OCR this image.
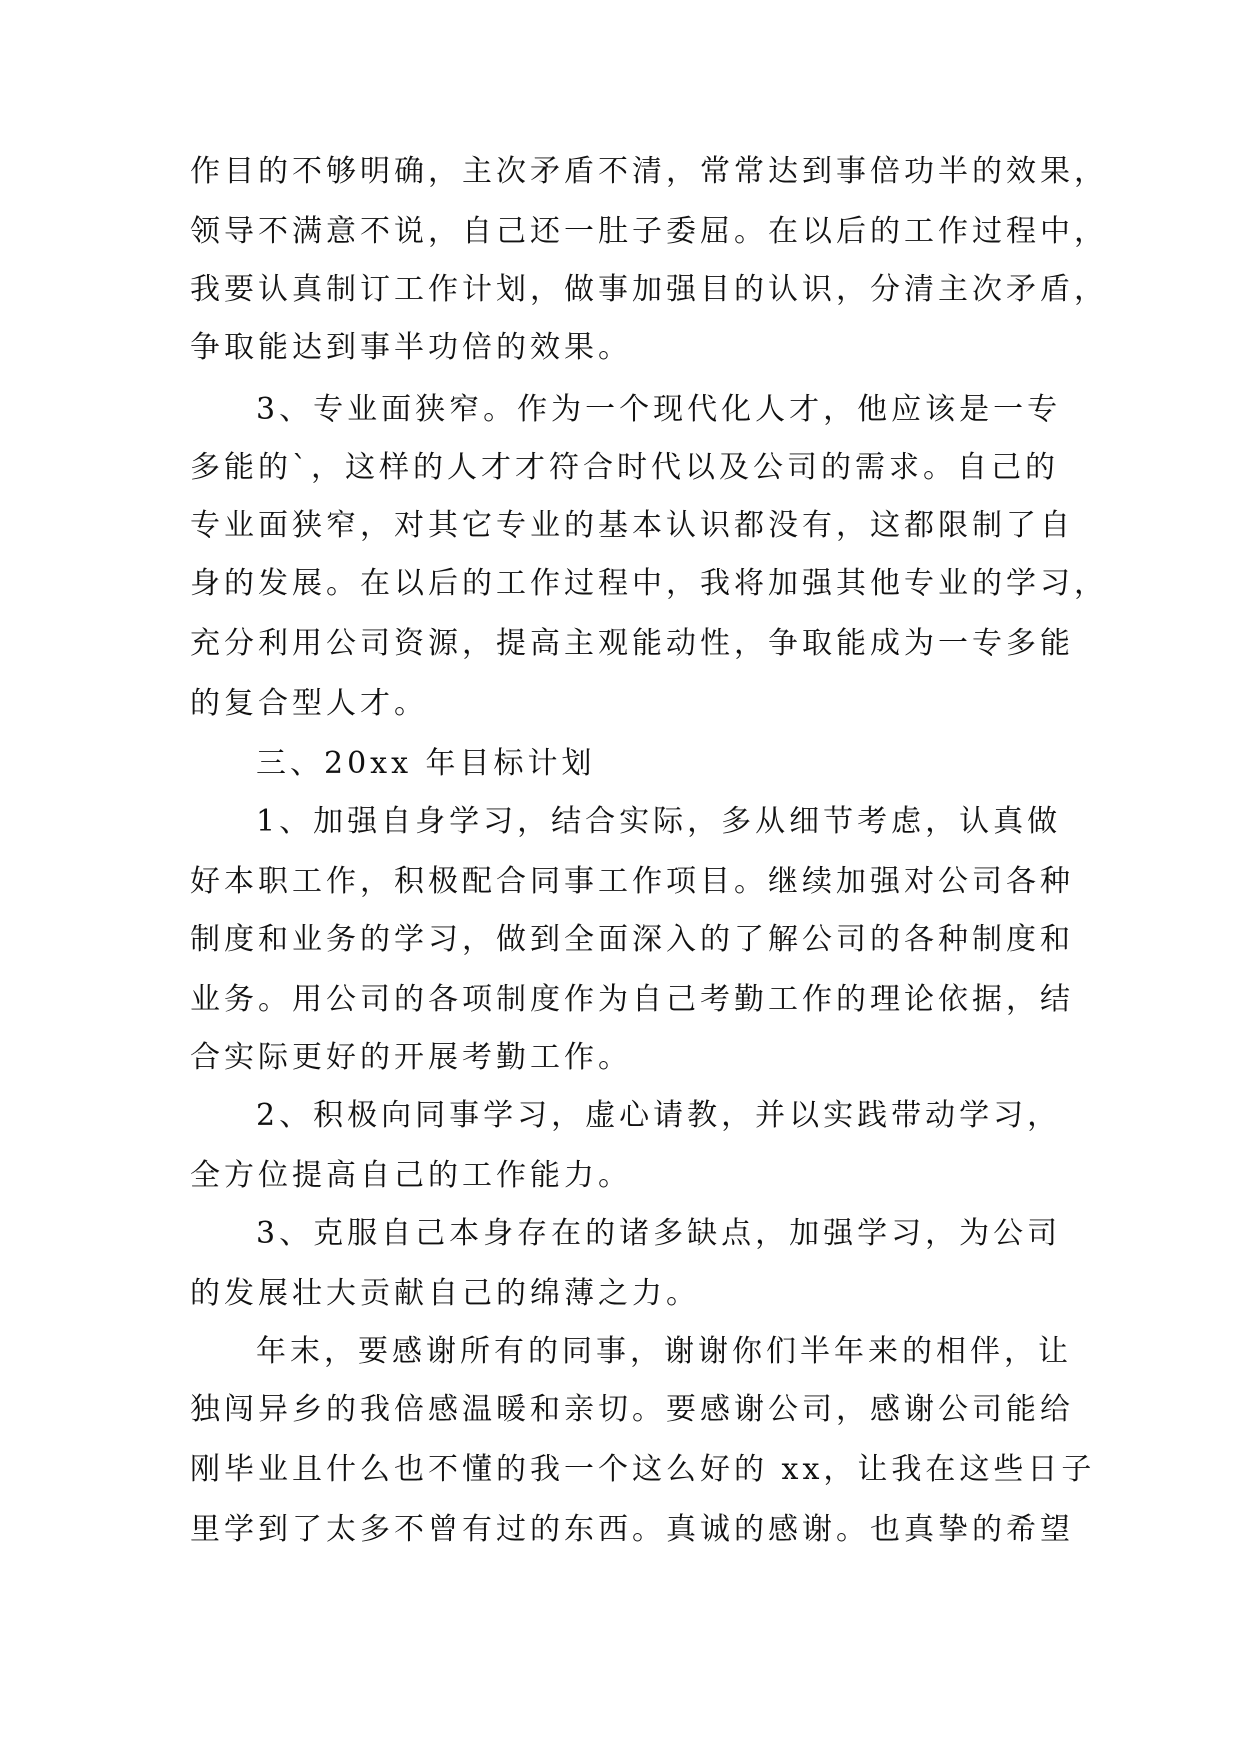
作目的不够明确，主次矛盾不清，常常达到事倍功半的效果，
领导不满意不说，自己还一肚子委屈。在以后的工作过程中，
我要认真制订工作计划，做事加强目的认识，分清主次矛盾，
争取能达到事半功倍的效果。
3、专业面狭窄。作为一个现代化人才，他应该是一专
多能的`，这样的人才才符合时代以及公司的需求。自己的
专业面狭窄，对其它专业的基本认识都没有，这都限制了自
身的发展。在以后的工作过程中，我将加强其他专业的学习，
充分利用公司资源，提高主观能动性，争取能成为一专多能
的复合型人才。
三、20xx 年目标计划
1、加强自身学习，结合实际，多从细节考虑，认真做
好本职工作，积极配合同事工作项目。继续加强对公司各种
制度和业务的学习，做到全面深入的了解公司的各种制度和
业务。用公司的各项制度作为自己考勤工作的理论依据，结
合实际更好的开展考勤工作。
2、积极向同事学习，虚心请教，并以实践带动学习，
全方位提高自己的工作能力。
3、克服自己本身存在的诸多缺点，加强学习，为公司
的发展壮大贡献自己的绵薄之力。
年末，要感谢所有的同事，谢谢你们半年来的相伴，让
独闯异乡的我倍感温暖和亲切。要感谢公司，感谢公司能给
刚毕业且什么也不懂的我一个这么好的 xx，让我在这些日子
里学到了太多不曾有过的东西。真诚的感谢。也真挚的希望
